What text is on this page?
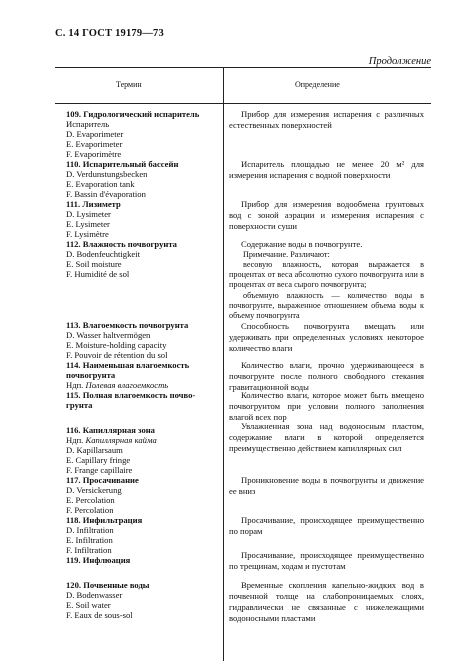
С. 14 ГОСТ 19179—73
Продолжение
Термин	Определение
109. Гидрологический испаритель
Испаритель
D. Evaporimeter
E. Evaporimeter
F. Evaporimètre
110. Испарительный бассейн
D. Verdunstungsbecken
E. Evaporation tank
F. Bassin d'évaporation
111. Лизиметр
D. Lysimeter
E. Lysimeter
F. Lysimètre
112. Влажность почвогрунта
D. Bodenfeuchtigkeit
E. Soil moisture
F. Humidité de sol
113. Влагоемкость почвогрунта
D. Wasser haltvermögen
E. Moisture-holding capacity
F. Pouvoir de rétention du sol
114. Наименьшая влагоемкость
почвогрунта
Ндп. Полевая влагоемкость
115. Полная влагоемкость почво-
грунта
116. Капиллярная зона
Ндп. Капиллярная кайма
D. Kapillarsaum
E. Capillary fringe
F. Frange capillaire
117. Просачивание
D. Versickerung
E. Percolation
F. Percolation
118. Инфильтрация
D. Infiltration
E. Infiltration
F. Infiltration
119. Инфлюация
120. Почвенные воды
D. Bodenwasser
E. Soil water
F. Eaux de sous-sol
Прибор для измерения испарения с различных естественных поверхностей
Испаритель площадью не менее 20 м² для измерения испарения с водной поверхности
Прибор для измерения водообмена грунтовых вод с зоной аэрации и измерения испарения с поверхности суши
Содержание воды в почвогрунте.
Примечание. Различают:
весовую влажность, которая выражается в процентах от веса абсолютно сухого почвогрунта или в процентах от веса сырого почвогрунта;
объемную влажность — количество воды в почвогрунте, выраженное отношением объема воды к объему почвогрунта
Способность почвогрунта вмещать или удерживать при определенных условиях некоторое количество влаги
Количество влаги, прочно удерживающееся в почвогрунте после полного свободного стекания гравитационной воды
Количество влаги, которое может быть вмещено почвогрунтом при условии полного заполнения влагой всех пор
Увлажненная зона над водоносным пластом, содержание влаги в которой определяется преимущественно действием капиллярных сил
Проникновение воды в почвогрунты и движение ее вниз
Просачивание, происходящее преимущественно по порам
Просачивание, происходящее преимущественно по трещинам, ходам и пустотам
Временные скопления капельно-жидких вод в почвенной толще на слабопроницаемых слоях, гидравлически не связанные с нижележащими водоносными пластами
